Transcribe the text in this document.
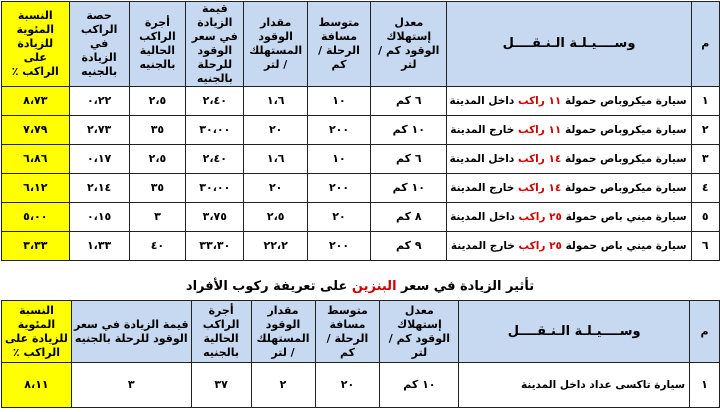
م	وســــيـلـة الـنـقــــل	معدل إستهلاك الوقود كم / لتر	متوسط مسافة الرحلة / كم	مقدار الوقود المستهلك / لتر	قيمة الزيادة في سعر الوقود للرحلة بالجنيه	أجرة الراكب الحالية بالجنيه	حصة الراكب في الزيادة بالجنيه	النسبة المئوية للزيادة على الراكب ٪
١	سيارة ميكروباص حمولة ١١ راكب داخل المدينة	٦ كم	١٠	١،٦	٢،٤٠	٢،٥	٠،٢٢	٨،٧٣
٢	سيارة ميكروباص حمولة ١١ راكب خارج المدينة	١٠ كم	٢٠٠	٢٠	٣٠،٠٠	٣٥	٢،٧٣	٧،٧٩
٣	سيارة ميكروباص حمولة ١٤ راكب داخل المدينة	٦ كم	١٠	١،٦	٢،٤٠	٢،٥	٠،١٧	٦،٨٦
٤	سيارة ميكروباص حمولة ١٤ راكب خارج المدينة	١٠ كم	٢٠٠	٢٠	٣٠،٠٠	٣٥	٢،١٤	٦،١٢
٥	سيارة ميني باص حمولة ٢٥ راكب داخل المدينة	٨ كم	٢٠	٢،٥	٣،٧٥	٣	٠،١٥	٥،٠٠
٦	سيارة ميني باص حمولة ٢٥ راكب خارج المدينة	٩ كم	٢٠٠	٢٢،٢	٣٣،٣٠	٤٠	١،٣٣	٣،٣٣
تأثير الزيادة في سعر البنزين على تعريفة ركوب الأفراد
م	وســــيـلـة الـنـقــــل	معدل إستهلاك الوقود كم / لتر	متوسط مسافة الرحلة / كم	مقدار الوقود المستهلك / لتر	أجرة الراكب الحالية بالجنيه	قيمة الزيادة في سعر الوقود للرحلة بالجنيه	النسبة المئوية للزيادة على الراكب ٪
١	سيارة تاكسى عداد داخل المدينة	١٠ كم	٢٠	٢	٣٧	٣	٨،١١
